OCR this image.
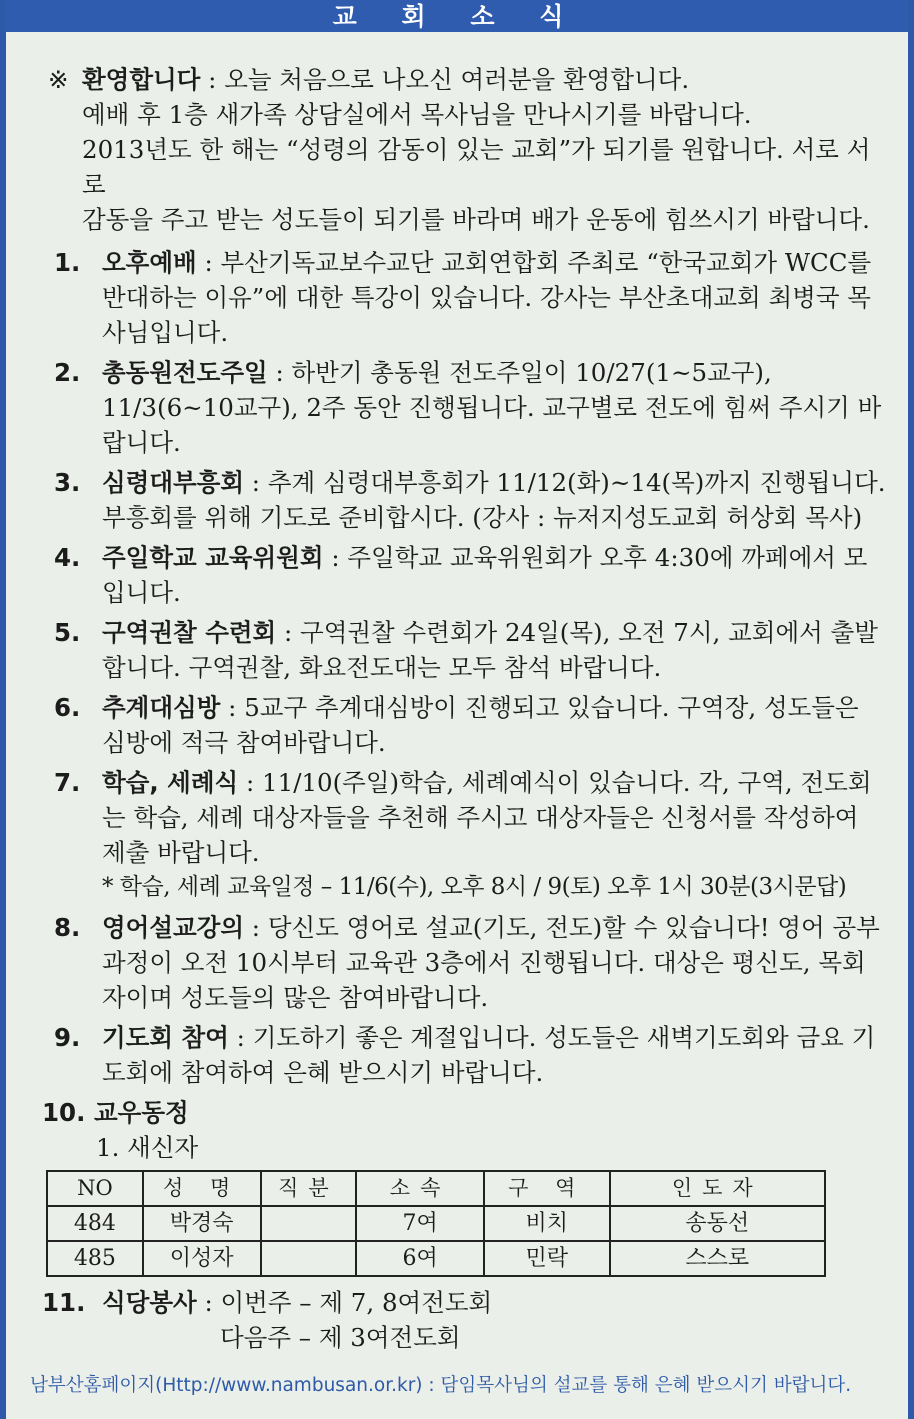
교 회 소 식
※ 환영합니다 : 오늘 처음으로 나오신 여러분을 환영합니다.
예배 후 1층 새가족 상담실에서 목사님을 만나시기를 바랍니다.
2013년도 한 해는 “성령의 감동이 있는 교회”가 되기를 원합니다. 서로 서로
감동을 주고 받는 성도들이 되기를 바라며 배가 운동에 힘쓰시기 바랍니다.
1. 오후예배 : 부산기독교보수교단 교회연합회 주최로 “한국교회가 WCC를 반대하는 이유”에 대한 특강이 있습니다. 강사는 부산초대교회 최병국 목사님입니다.
2. 총동원전도주일 : 하반기 총동원 전도주일이 10/27(1~5교구), 11/3(6~10교구), 2주 동안 진행됩니다. 교구별로 전도에 힘써 주시기 바랍니다.
3. 심령대부흥회 : 추계 심령대부흥회가 11/12(화)~14(목)까지 진행됩니다. 부흥회를 위해 기도로 준비합시다. (강사 : 뉴저지성도교회 허상회 목사)
4. 주일학교 교육위원회 : 주일학교 교육위원회가 오후 4:30에 까페에서 모입니다.
5. 구역권찰 수련회 : 구역권찰 수련회가 24일(목), 오전 7시, 교회에서 출발합니다. 구역권찰, 화요전도대는 모두 참석 바랍니다.
6. 추계대심방 : 5교구 추계대심방이 진행되고 있습니다. 구역장, 성도들은 심방에 적극 참여바랍니다.
7. 학습, 세례식 : 11/10(주일)학습, 세례예식이 있습니다. 각, 구역, 전도회는 학습, 세례 대상자들을 추천해 주시고 대상자들은 신청서를 작성하여 제출 바랍니다.
* 학습, 세례 교육일정 – 11/6(수), 오후 8시 / 9(토) 오후 1시 30분(3시문답)
8. 영어설교강의 : 당신도 영어로 설교(기도, 전도)할 수 있습니다! 영어 공부과정이 오전 10시부터 교육관 3층에서 진행됩니다. 대상은 평신도, 목회자이며 성도들의 많은 참여바랍니다.
9. 기도회 참여 : 기도하기 좋은 계절입니다. 성도들은 새벽기도회와 금요 기도회에 참여하여 은혜 받으시기 바랍니다.
10. 교우동정
1. 새신자
NO	성 명	직분	소속	구 역	인도자
484	박경숙		7여	비치	송동선
485	이성자		6여	민락	스스로
11. 식당봉사 : 이번주 – 제 7, 8여전도회
다음주 – 제 3여전도회
남부산홈페이지(Http://www.nambusan.or.kr) : 담임목사님의 설교를 통해 은혜 받으시기 바랍니다.
